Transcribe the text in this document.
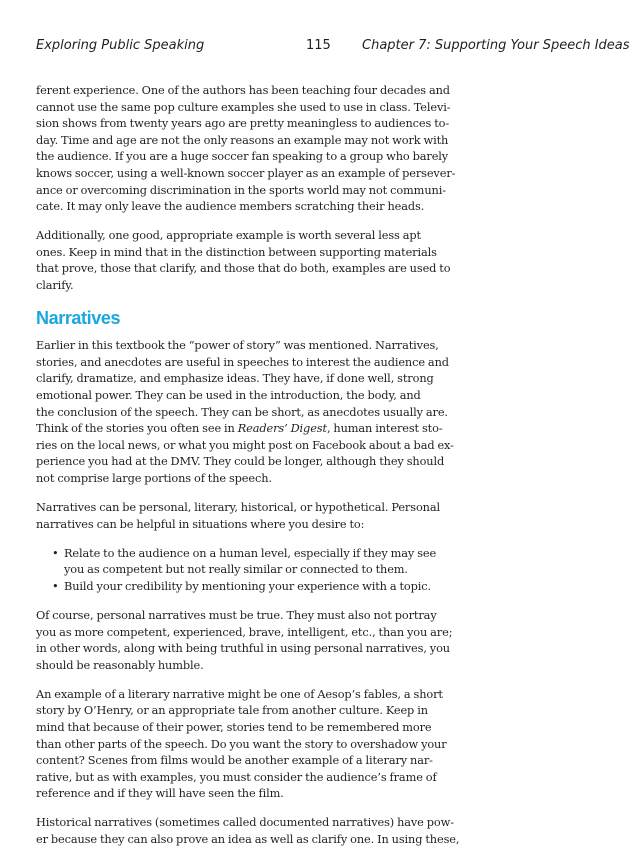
Exploring Public Speaking	115 Chapter 7: Supporting Your Speech Ideas

ferent experience. One of the authors has been teaching four decades and
cannot use the same pop culture examples she used to use in class. Televi-
sion shows from twenty years ago are pretty meaningless to audiences to-
day. Time and age are not the only reasons an example may not work with
the audience. If you are a huge soccer fan speaking to a group who barely
knows soccer, using a well-known soccer player as an example of persever-
ance or overcoming discrimination in the sports world may not communi-
cate. It may only leave the audience members scratching their heads.

Additionally, one good, appropriate example is worth several less apt
ones. Keep in mind that in the distinction between supporting materials
that prove, those that clarify, and those that do both, examples are used to
clarify.

Narratives

Earlier in this textbook the “power of story” was mentioned. Narratives,
stories, and anecdotes are useful in speeches to interest the audience and
clarify, dramatize, and emphasize ideas. They have, if done well, strong
emotional power. They can be used in the introduction, the body, and
the conclusion of the speech. They can be short, as anecdotes usually are.
Think of the stories you often see in Readers’ Digest, human interest sto-
ries on the local news, or what you might post on Facebook about a bad ex-
perience you had at the DMV. They could be longer, although they should
not comprise large portions of the speech.

Narratives can be personal, literary, historical, or hypothetical. Personal
narratives can be helpful in situations where you desire to:

• Relate to the audience on a human level, especially if they may see
you as competent but not really similar or connected to them.
• Build your credibility by mentioning your experience with a topic.

Of course, personal narratives must be true. They must also not portray
you as more competent, experienced, brave, intelligent, etc., than you are;
in other words, along with being truthful in using personal narratives, you
should be reasonably humble.

An example of a literary narrative might be one of Aesop’s fables, a short
story by O’Henry, or an appropriate tale from another culture. Keep in
mind that because of their power, stories tend to be remembered more
than other parts of the speech. Do you want the story to overshadow your
content? Scenes from films would be another example of a literary nar-
rative, but as with examples, you must consider the audience’s frame of
reference and if they will have seen the film.

Historical narratives (sometimes called documented narratives) have pow-
er because they can also prove an idea as well as clarify one. In using these,
